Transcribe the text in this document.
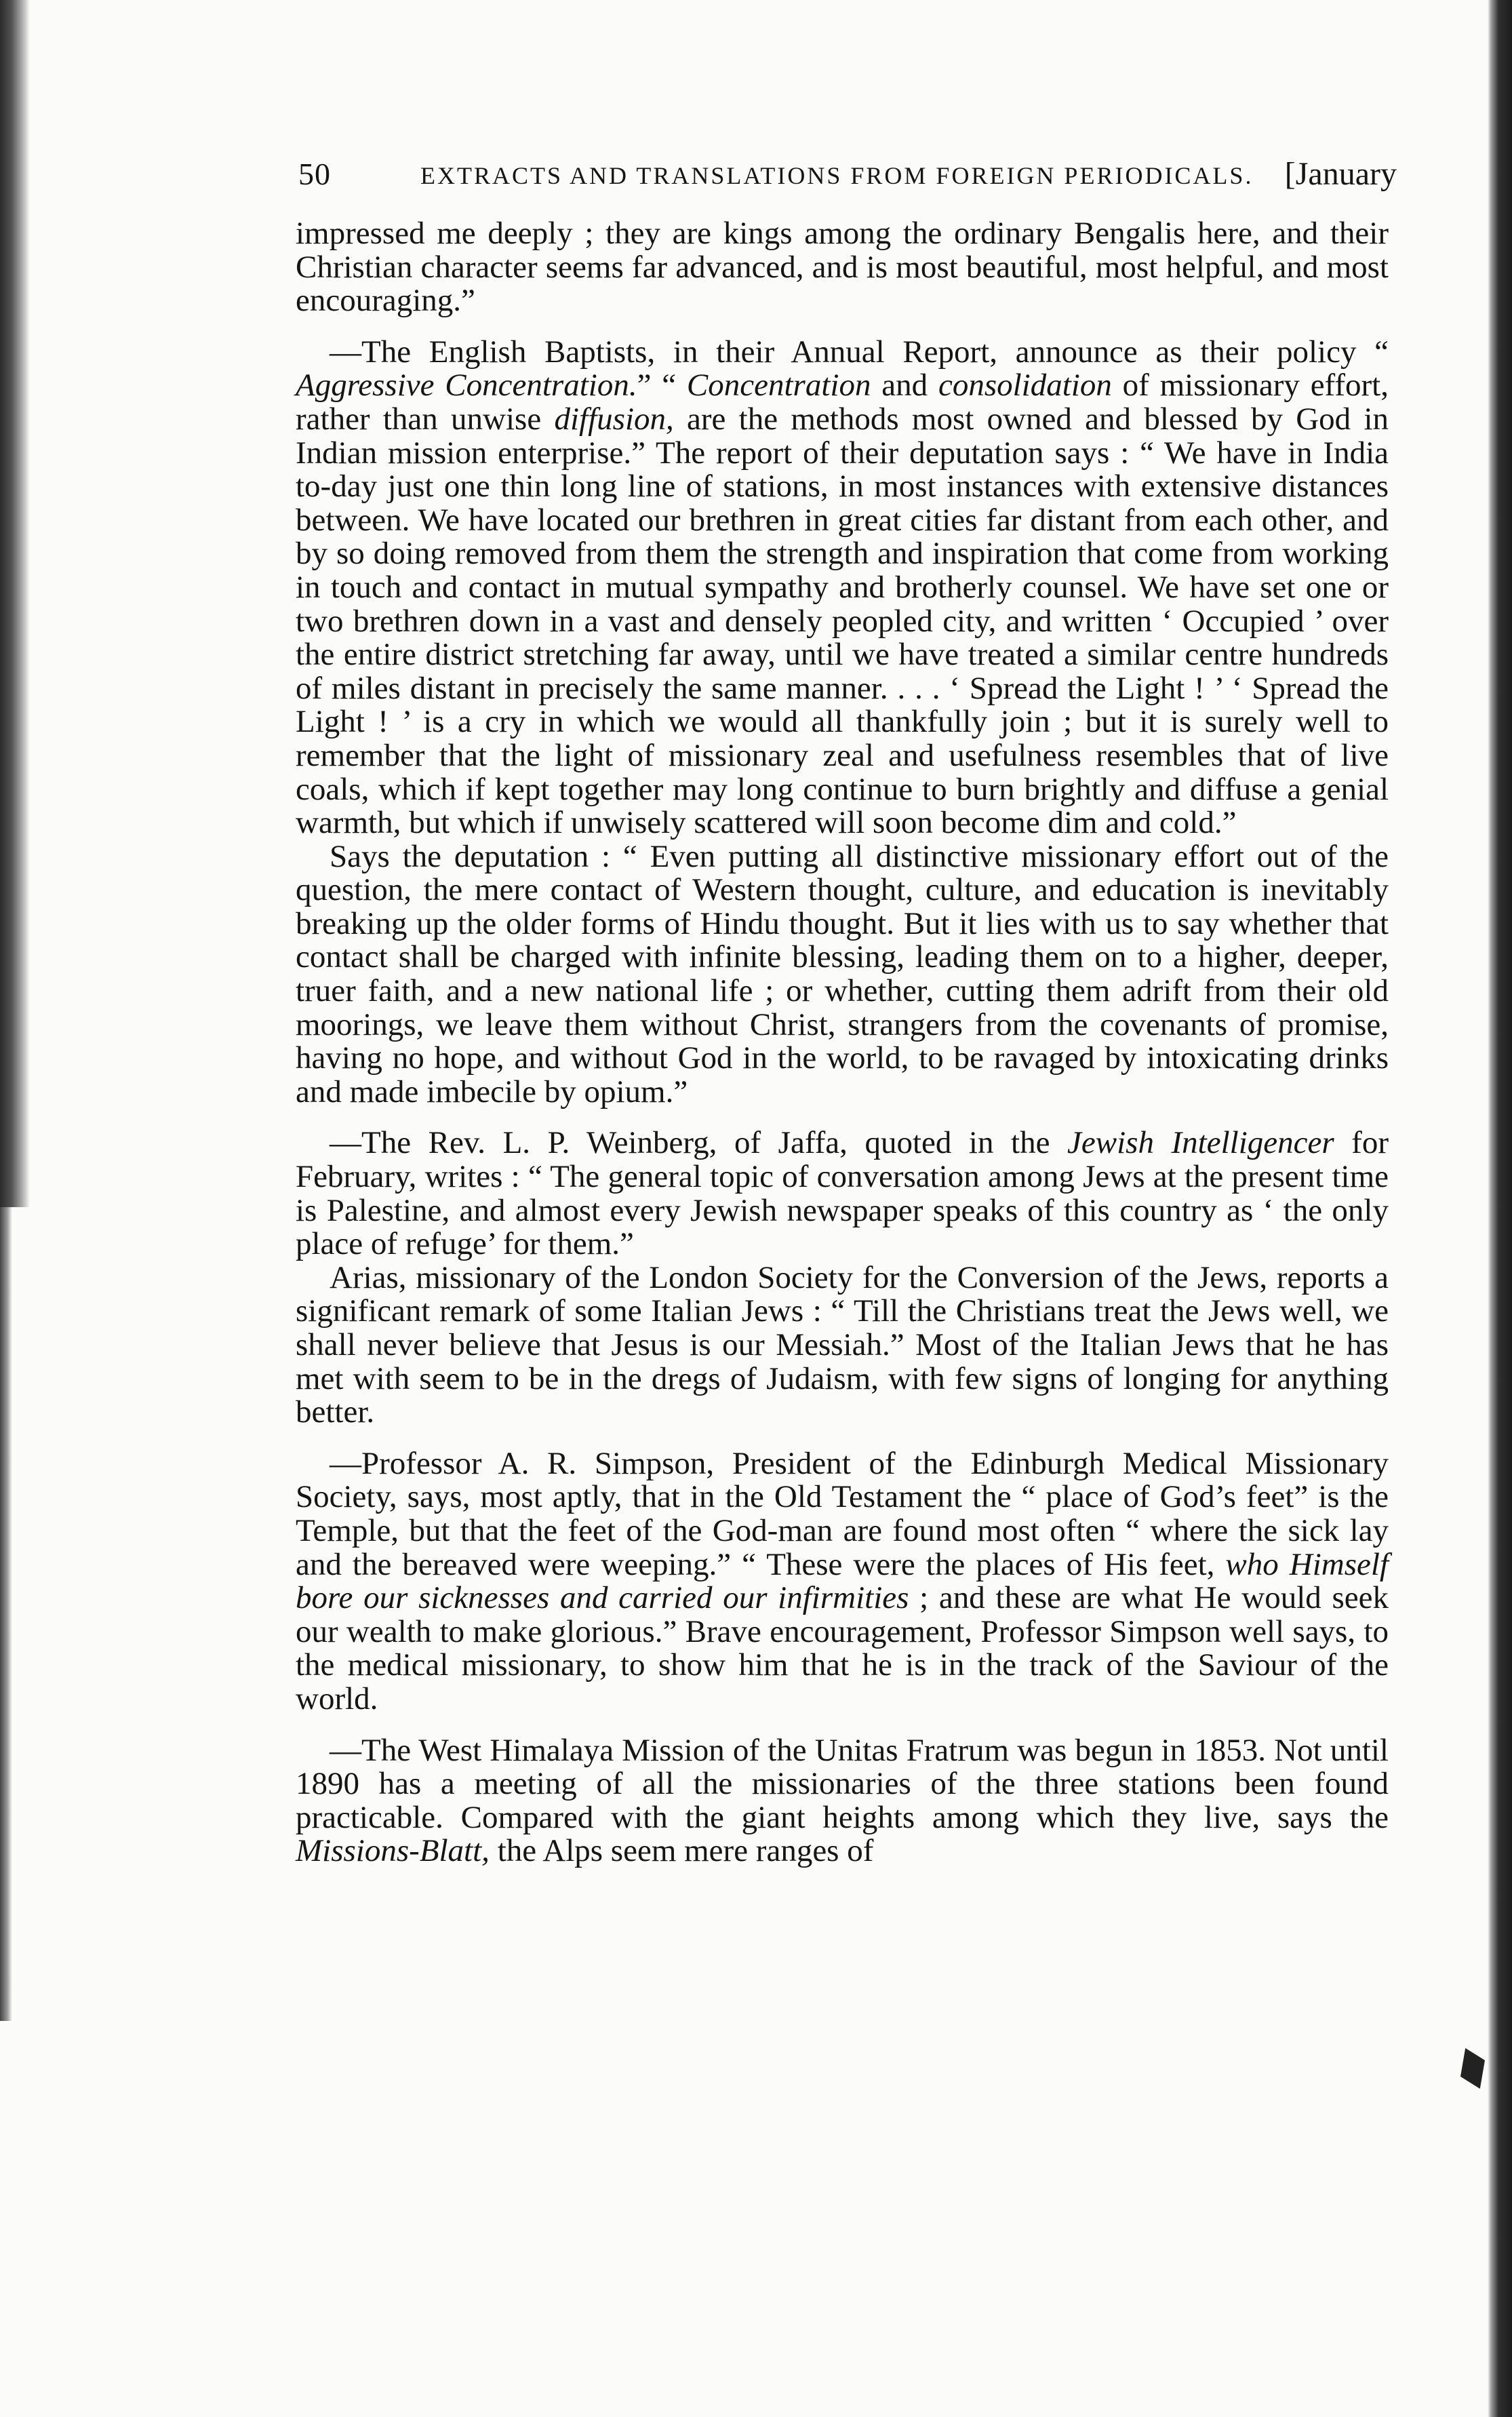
50	EXTRACTS AND TRANSLATIONS FROM FOREIGN PERIODICALS. [January

impressed me deeply ; they are kings among the ordinary Bengalis here, and their Christian character seems far advanced, and is most beautiful, most helpful, and most encouraging.”

—The English Baptists, in their Annual Report, announce as their policy “ Aggressive Concentration.” “ Concentration and consolidation of missionary effort, rather than unwise diffusion, are the methods most owned and blessed by God in Indian mission enterprise.” The report of their deputation says : “ We have in India to-day just one thin long line of stations, in most instances with extensive distances between. We have located our brethren in great cities far distant from each other, and by so doing removed from them the strength and inspiration that come from working in touch and contact in mutual sympathy and brotherly counsel. We have set one or two brethren down in a vast and densely peopled city, and written ‘ Occupied ’ over the entire district stretching far away, until we have treated a similar centre hundreds of miles distant in precisely the same manner. . . . ‘ Spread the Light ! ’ ‘ Spread the Light ! ’ is a cry in which we would all thankfully join ; but it is surely well to remember that the light of missionary zeal and usefulness resembles that of live coals, which if kept together may long continue to burn brightly and diffuse a genial warmth, but which if unwisely scattered will soon become dim and cold.”

Says the deputation : “ Even putting all distinctive missionary effort out of the question, the mere contact of Western thought, culture, and education is inevitably breaking up the older forms of Hindu thought. But it lies with us to say whether that contact shall be charged with infinite blessing, leading them on to a higher, deeper, truer faith, and a new national life ; or whether, cutting them adrift from their old moorings, we leave them without Christ, strangers from the covenants of promise, having no hope, and without God in the world, to be ravaged by intoxicating drinks and made imbecile by opium.”

—The Rev. L. P. Weinberg, of Jaffa, quoted in the Jewish Intelligencer for February, writes : “ The general topic of conversation among Jews at the present time is Palestine, and almost every Jewish newspaper speaks of this country as ‘ the only place of refuge’ for them.”

Arias, missionary of the London Society for the Conversion of the Jews, reports a significant remark of some Italian Jews : “ Till the Christians treat the Jews well, we shall never believe that Jesus is our Messiah.” Most of the Italian Jews that he has met with seem to be in the dregs of Judaism, with few signs of longing for anything better.

—Professor A. R. Simpson, President of the Edinburgh Medical Missionary Society, says, most aptly, that in the Old Testament the “ place of God’s feet” is the Temple, but that the feet of the God-man are found most often “ where the sick lay and the bereaved were weeping.” “ These were the places of His feet, who Himself bore our sicknesses and carried our infirmities ; and these are what He would seek our wealth to make glorious.” Brave encouragement, Professor Simpson well says, to the medical missionary, to show him that he is in the track of the Saviour of the world.

—The West Himalaya Mission of the Unitas Fratrum was begun in 1853. Not until 1890 has a meeting of all the missionaries of the three stations been found practicable. Compared with the giant heights among which they live, says the Missions-Blatt, the Alps seem mere ranges of
